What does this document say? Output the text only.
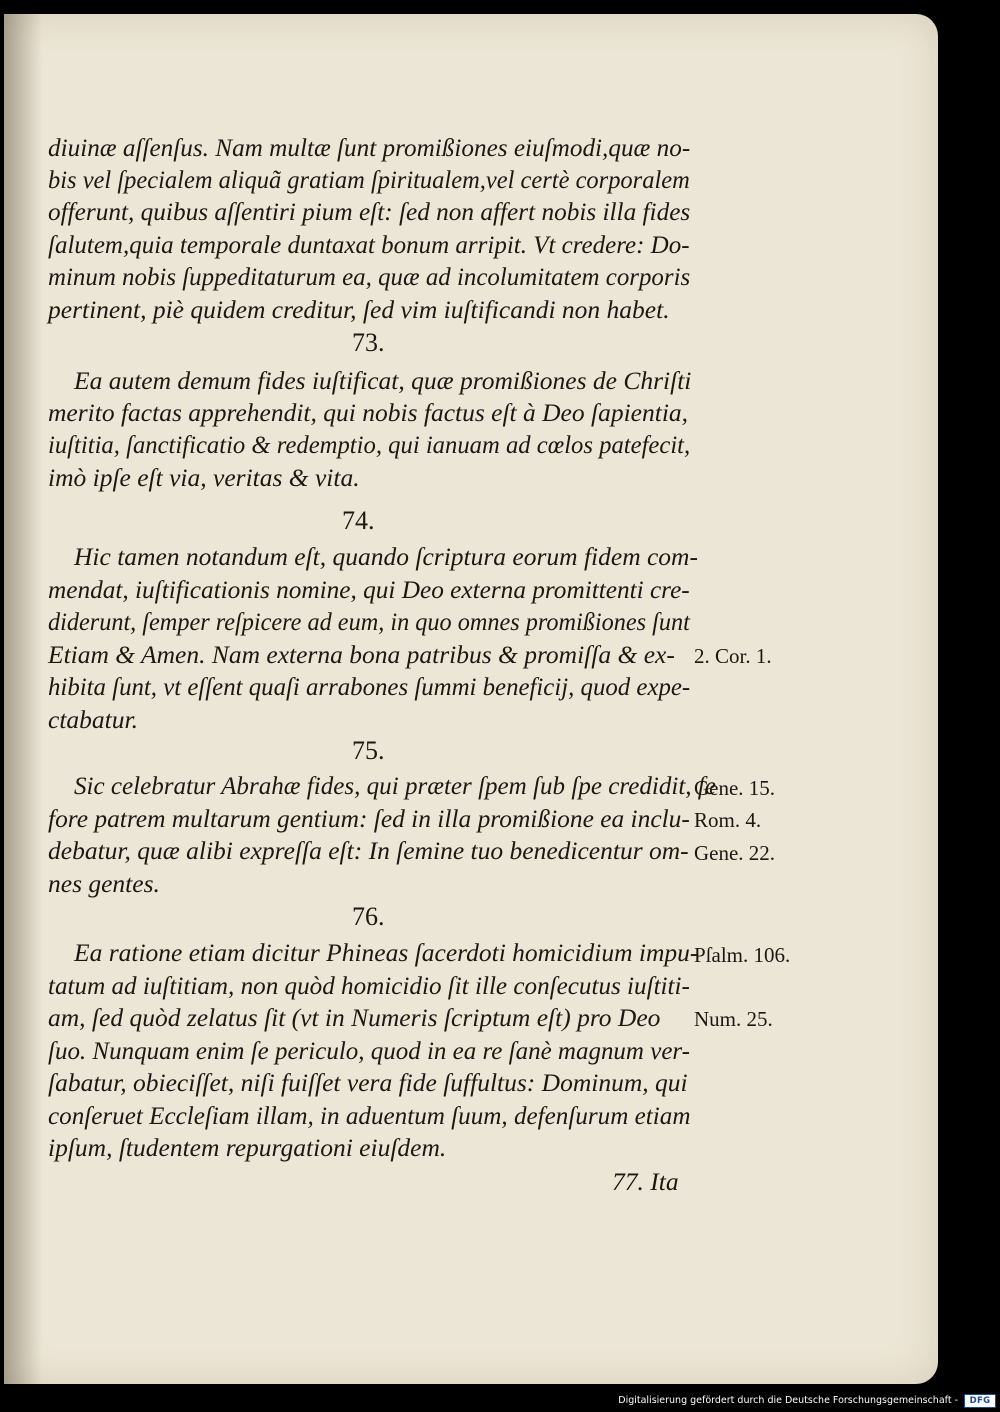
diuinæ aſſenſus. Nam multæ ſunt promißiones eiuſmodi,quæ no-
bis vel ſpecialem aliquã gratiam ſpiritualem,vel certè corporalem
offerunt, quibus aſſentiri pium eſt: ſed non affert nobis illa fides
ſalutem,quia temporale duntaxat bonum arripit. Vt credere: Do-
minum nobis ſuppeditaturum ea, quæ ad incolumitatem corporis
pertinent, piè quidem creditur, ſed vim iuſtificandi non habet.
73.
Ea autem demum fides iuſtificat, quæ promißiones de Chriſti
merito factas apprehendit, qui nobis factus eſt à Deo ſapientia,
iuſtitia, ſanctificatio & redemptio, qui ianuam ad cœlos patefecit,
imò ipſe eſt via, veritas & vita.
74.
Hic tamen notandum eſt, quando ſcriptura eorum fidem com-
mendat, iuſtificationis nomine, qui Deo externa promittenti cre-
diderunt, ſemper reſpicere ad eum, in quo omnes promißiones ſunt
Etiam & Amen. Nam externa bona patribus & promiſſa & ex- 2. Cor. 1.
hibita ſunt, vt eſſent quaſi arrabones ſummi beneficij, quod expe-
ctabatur.
75.
Sic celebratur Abrahæ fides, qui præter ſpem ſub ſpe credidit, ſe
Gene. 15.
fore patrem multarum gentium: ſed in illa promißione ea inclu- Rom. 4.
debatur, quæ alibi expreſſa eſt: In ſemine tuo benedicentur om- Gene. 22.
nes gentes.
76.
Ea ratione etiam dicitur Phineas ſacerdoti homicidium impu-
Pſalm. 106.
tatum ad iuſtitiam, non quòd homicidio ſit ille conſecutus iuſtiti-
am, ſed quòd zelatus ſit (vt in Numeris ſcriptum eſt) pro Deo Num. 25.
ſuo. Nunquam enim ſe periculo, quod in ea re ſanè magnum ver-
ſabatur, obieciſſet, niſi fuiſſet vera fide ſuffultus: Dominum, qui
conſeruet Eccleſiam illam, in aduentum ſuum, defenſurum etiam
ipſum, ſtudentem repurgationi eiuſdem.
77. Ita
Digitalisierung gefördert durch die Deutsche Forschungsgemeinschaft -	DFG
